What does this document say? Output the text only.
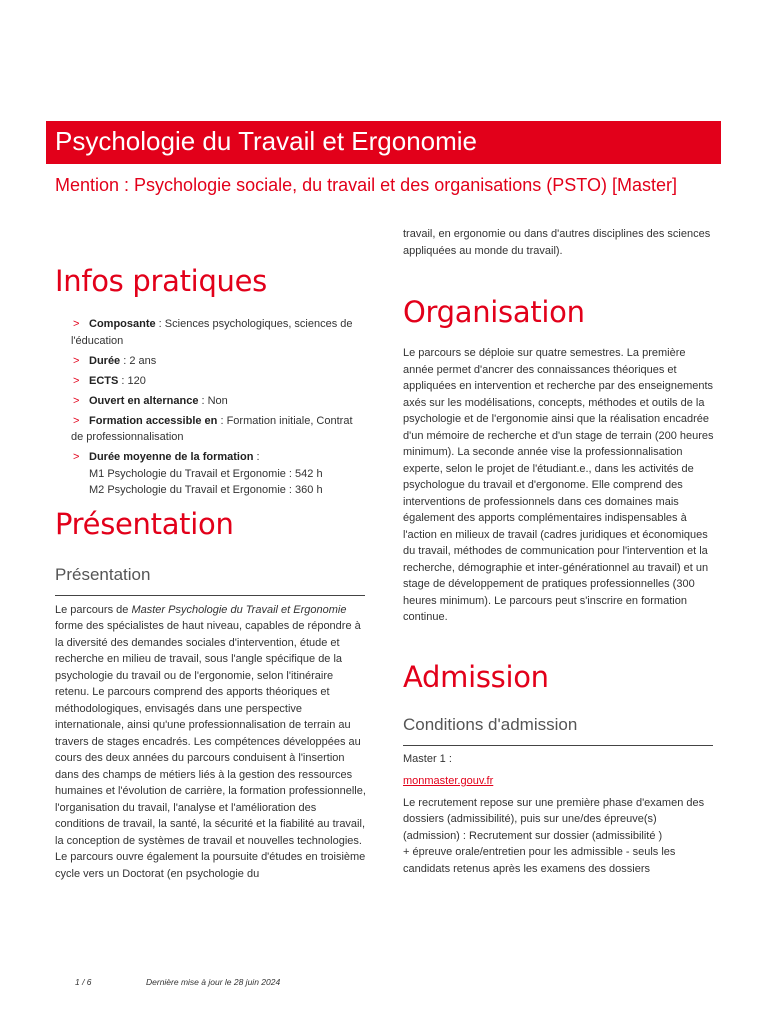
Psychologie du Travail et Ergonomie
Mention : Psychologie sociale, du travail et des organisations (PSTO) [Master]
Infos pratiques
> Composante : Sciences psychologiques, sciences de l'éducation
> Durée : 2 ans
> ECTS : 120
> Ouvert en alternance : Non
> Formation accessible en : Formation initiale, Contrat de professionnalisation
> Durée moyenne de la formation :
M1 Psychologie du Travail et Ergonomie : 542 h
M2 Psychologie du Travail et Ergonomie : 360 h
Présentation
Présentation

Le parcours de Master Psychologie du Travail et Ergonomie forme des spécialistes de haut niveau, capables de répondre à la diversité des demandes sociales d'intervention, étude et recherche en milieu de travail, sous l'angle spécifique de la psychologie du travail ou de l'ergonomie, selon l'itinéraire retenu. Le parcours comprend des apports théoriques et méthodologiques, envisagés dans une perspective internationale, ainsi qu'une professionnalisation de terrain au travers de stages encadrés. Les compétences développées au cours des deux années du parcours conduisent à l'insertion dans des champs de métiers liés à la gestion des ressources humaines et l'évolution de carrière, la formation professionnelle, l'organisation du travail, l'analyse et l'amélioration des conditions de travail, la santé, la sécurité et la fiabilité au travail, la conception de systèmes de travail et nouvelles technologies. Le parcours ouvre également la poursuite d'études en troisième cycle vers un Doctorat (en psychologie du

travail, en ergonomie ou dans d'autres disciplines des sciences appliquées au monde du travail).

Organisation

Le parcours se déploie sur quatre semestres. La première année permet d'ancrer des connaissances théoriques et appliquées en intervention et recherche par des enseignements axés sur les modélisations, concepts, méthodes et outils de la psychologie et de l'ergonomie ainsi que la réalisation encadrée d'un mémoire de recherche et d'un stage de terrain (200 heures minimum). La seconde année vise la professionnalisation experte, selon le projet de l'étudiant.e., dans les activités de psychologue du travail et d'ergonome. Elle comprend des interventions de professionnels dans ces domaines mais également des apports complémentaires indispensables à l'action en milieux de travail (cadres juridiques et économiques du travail, méthodes de communication pour l'intervention et la recherche, démographie et inter-générationnel au travail) et un stage de développement de pratiques professionnelles (300 heures minimum). Le parcours peut s'inscrire en formation continue.

Admission
Conditions d'admission

Master 1 :

monmaster.gouv.fr

Le recrutement repose sur une première phase d'examen des dossiers (admissibilité), puis sur une/des épreuve(s) (admission) : Recrutement sur dossier (admissibilité )

+ épreuve orale/entretien pour les admissible - seuls les candidats retenus après les examens des dossiers

1 / 6	Dernière mise à jour le 28 juin 2024
